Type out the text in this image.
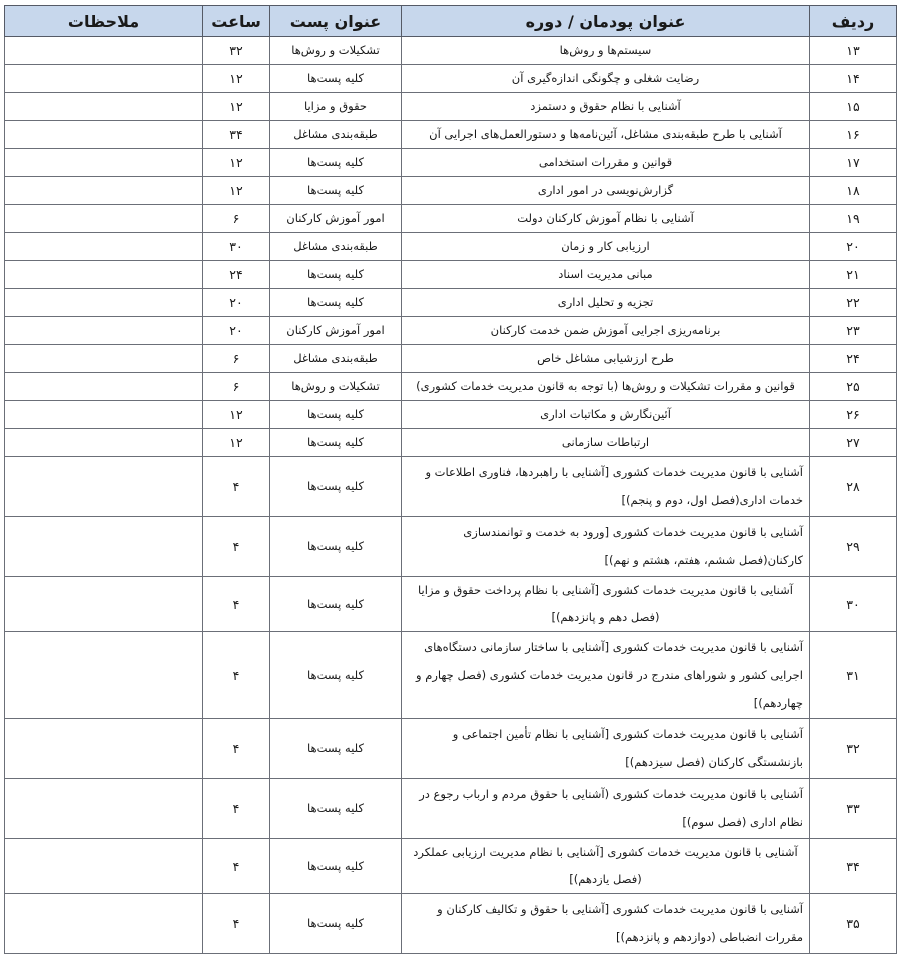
ردیف	عنوان پودمان / دوره	عنوان پست	ساعت	ملاحظات
۱۳	سیستم‌ها و روش‌ها	تشکیلات و روش‌ها	۳۲	
۱۴	رضایت شغلی و چگونگی اندازه‌گیری آن	کلیه پست‌ها	۱۲	
۱۵	آشنایی با نظام حقوق و دستمزد	حقوق و مزایا	۱۲	
۱۶	آشنایی با طرح طبقه‌بندی مشاغل، آئین‌نامه‌ها و دستورالعمل‌های اجرایی آن	طبقه‌بندی مشاغل	۳۴	
۱۷	قوانین و مقررات استخدامی	کلیه پست‌ها	۱۲	
۱۸	گزارش‌نویسی در امور اداری	کلیه پست‌ها	۱۲	
۱۹	آشنایی با نظام آموزش کارکنان دولت	امور آموزش کارکنان	۶	
۲۰	ارزیابی کار و زمان	طبقه‌بندی مشاغل	۳۰	
۲۱	مبانی مدیریت اسناد	کلیه پست‌ها	۲۴	
۲۲	تجزیه و تحلیل اداری	کلیه پست‌ها	۲۰	
۲۳	برنامه‌ریزی اجرایی آموزش ضمن خدمت کارکنان	امور آموزش کارکنان	۲۰	
۲۴	طرح ارزشیابی مشاغل خاص	طبقه‌بندی مشاغل	۶	
۲۵	قوانین و مقررات تشکیلات و روش‌ها (با توجه به قانون مدیریت خدمات کشوری)	تشکیلات و روش‌ها	۶	
۲۶	آئین‌نگارش و مکاتبات اداری	کلیه پست‌ها	۱۲	
۲۷	ارتباطات سازمانی	کلیه پست‌ها	۱۲	
۲۸	آشنایی با قانون مدیریت خدمات کشوری [آشنایی با راهبردها، فناوری اطلاعات و خدمات اداری(فصل اول، دوم و پنجم)]	کلیه پست‌ها	۴	
۲۹	آشنایی با قانون مدیریت خدمات کشوری [ورود به خدمت و توانمندسازی کارکنان(فصل ششم، هفتم، هشتم و نهم)]	کلیه پست‌ها	۴	
۳۰	آشنایی با قانون مدیریت خدمات کشوری [آشنایی با نظام پرداخت حقوق و مزایا (فصل دهم و پانزدهم)]	کلیه پست‌ها	۴	
۳۱	آشنایی با قانون مدیریت خدمات کشوری [آشنایی با ساختار سازمانی دستگاه‌های اجرایی کشور و شوراهای مندرج در قانون مدیریت خدمات کشوری (فصل چهارم و چهاردهم)]	کلیه پست‌ها	۴	
۳۲	آشنایی با قانون مدیریت خدمات کشوری [آشنایی با نظام تأمین اجتماعی و بازنشستگی کارکنان (فصل سیزدهم)]	کلیه پست‌ها	۴	
۳۳	آشنایی با قانون مدیریت خدمات کشوری (آشنایی با حقوق مردم و ارباب رجوع در نظام اداری (فصل سوم)]	کلیه پست‌ها	۴	
۳۴	آشنایی با قانون مدیریت خدمات کشوری [آشنایی با نظام مدیریت ارزیابی عملکرد (فصل یازدهم)]	کلیه پست‌ها	۴	
۳۵	آشنایی با قانون مدیریت خدمات کشوری [آشنایی با حقوق و تکالیف کارکنان و مقررات انضباطی (دوازدهم و پانزدهم)]	کلیه پست‌ها	۴	
